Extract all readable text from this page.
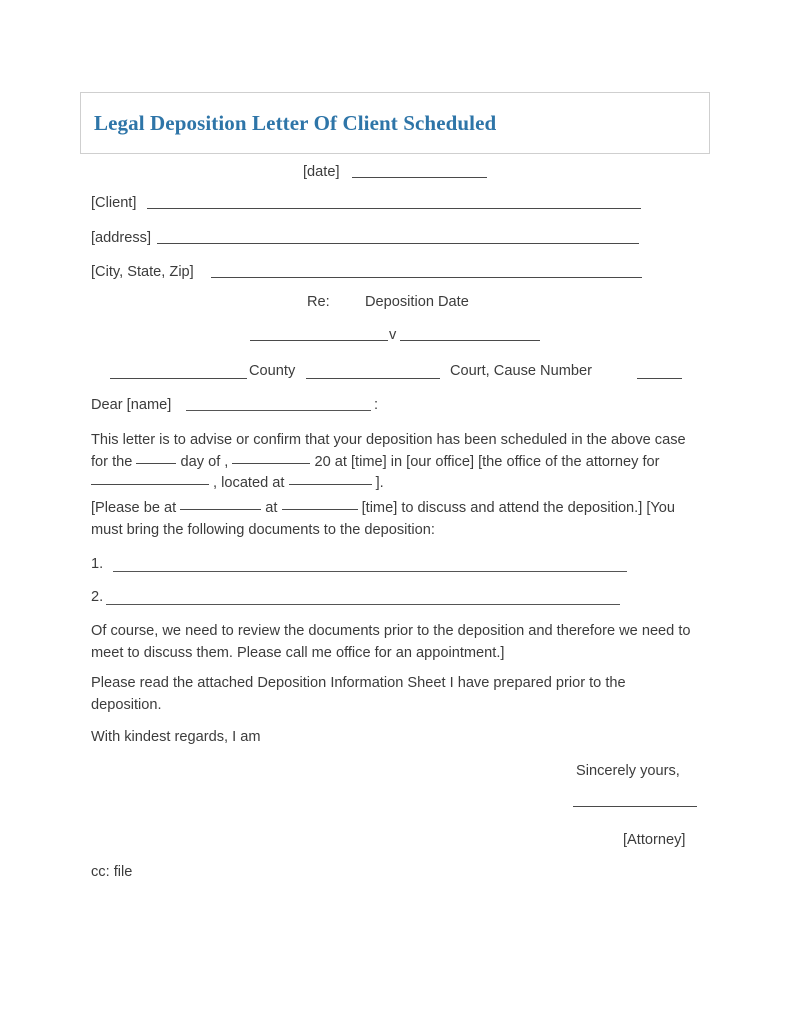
Legal Deposition Letter Of Client Scheduled
[date]
[Client]
[address]
[City, State, Zip]
Re: Deposition Date
v
County	Court, Cause Number
Dear [name]	:
This letter is to advise or confirm that your deposition has been scheduled in the above case for the	day of ,	20 at [time] in [our office] [the office of the attorney for  , located at	].
[Please be at	at	[time] to discuss and attend the deposition.] [You must bring the following documents to the deposition:
1.
2.
Of course, we need to review the documents prior to the deposition and therefore we need to meet to discuss them. Please call me office for an appointment.]
Please read the attached Deposition Information Sheet I have prepared prior to the deposition.
With kindest regards, I am
Sincerely yours,
[Attorney]
cc: file
